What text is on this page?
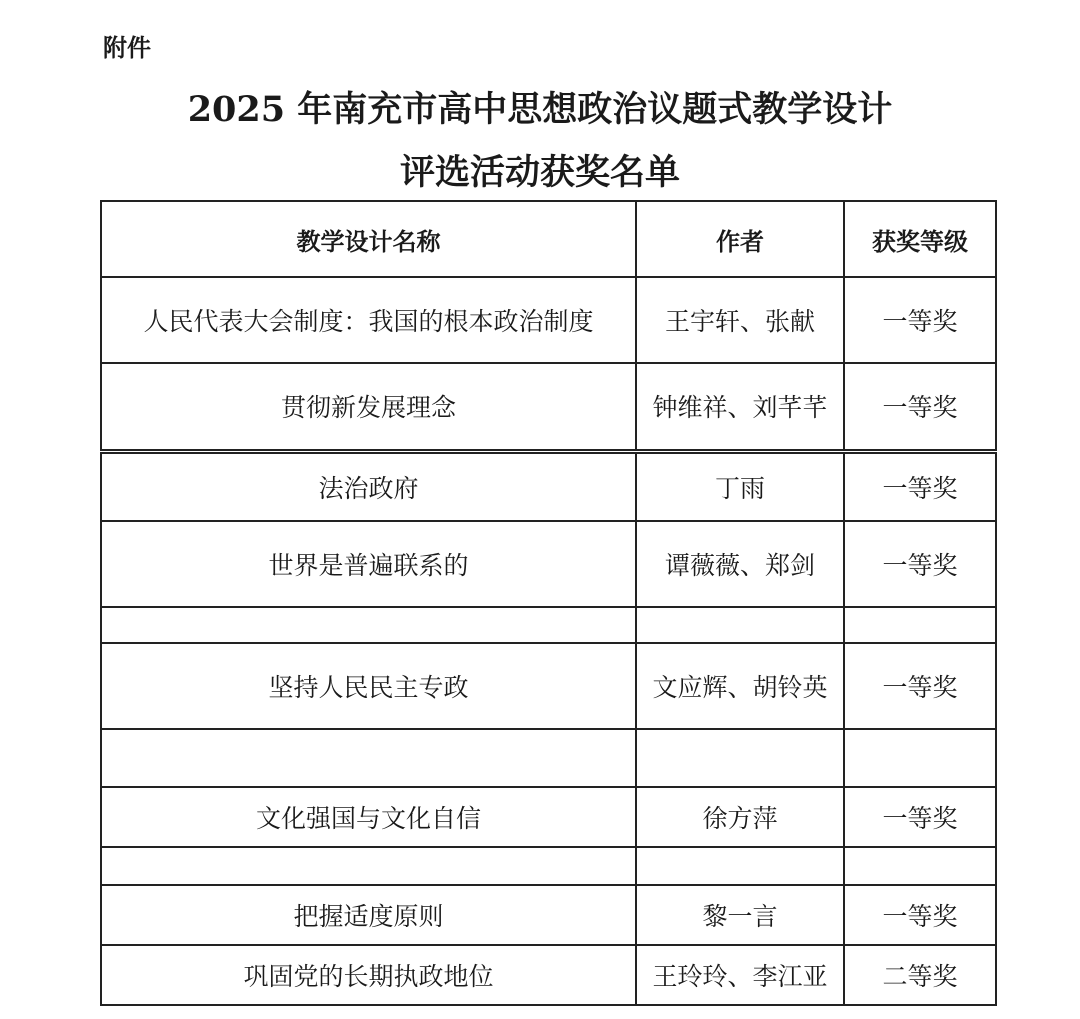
附件
2025 年南充市高中思想政治议题式教学设计
评选活动获奖名单
教学设计名称	作者	获奖等级
人民代表大会制度：我国的根本政治制度	王宇轩、张献	一等奖
贯彻新发展理念	钟维祥、刘芊芊	一等奖
法治政府	丁雨	一等奖
世界是普遍联系的	谭薇薇、郑剑	一等奖

坚持人民民主专政	文应辉、胡铃英	一等奖

文化强国与文化自信	徐方萍	一等奖

把握适度原则	黎一言	一等奖
巩固党的长期执政地位	王玲玲、李江亚	二等奖
